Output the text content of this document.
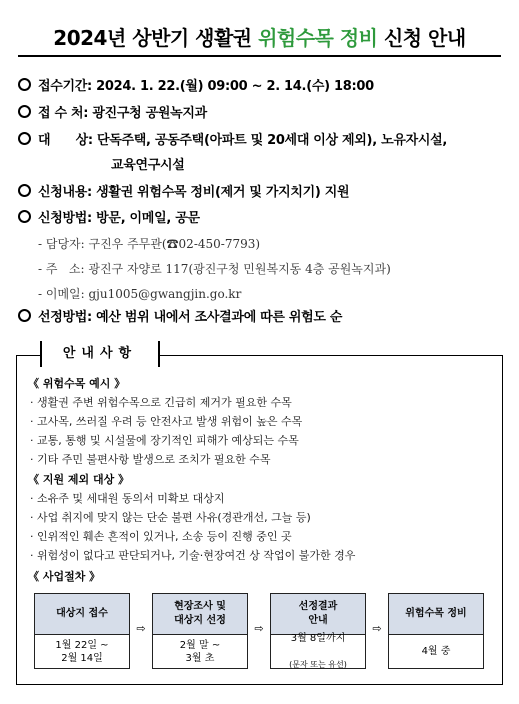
2024년 상반기 생활권 위험수목 정비 신청 안내
접수기간: 2024. 1. 22.(월) 09:00 ~ 2. 14.(수) 18:00
접 수 처: 광진구청 공원녹지과
대      상: 단독주택, 공동주택(아파트 및 20세대 이상 제외), 노유자시설,
교육연구시설
신청내용: 생활권 위험수목 정비(제거 및 가지치기) 지원
신청방법: 방문, 이메일, 공문
- 담당자: 구진우 주무관(☎02-450-7793)
- 주   소: 광진구 자양로 117(광진구청 민원복지동 4층 공원녹지과)
- 이메일: gju1005@gwangjin.go.kr
선정방법: 예산 범위 내에서 조사결과에 따른 위험도 순
안내사항
《 위험수목 예시 》
· 생활권 주변 위험수목으로 긴급히 제거가 필요한 수목
· 고사목, 쓰러질 우려 등 안전사고 발생 위험이 높은 수목
· 교통, 통행 및 시설물에 장기적인 피해가 예상되는 수목
· 기타 주민 불편사항 발생으로 조치가 필요한 수목
《 지원 제외 대상 》
· 소유주 및 세대원 동의서 미확보 대상지
· 사업 취지에 맞지 않는 단순 불편 사유(경관개선, 그늘 등)
· 인위적인 훼손 흔적이 있거나, 소송 등이 진행 중인 곳
· 위험성이 없다고 판단되거나, 기술·현장여건 상 작업이 불가한 경우
《 사업절차 》
대상지 접수
1월 22일 ~
2월 14일
⇨
현장조사 및
대상지 선정
2월 말 ~
3월 초
⇨
선정결과
안내

3월 8일까지

(문자 또는 유선)

⇨
위험수목 정비
4월 중
